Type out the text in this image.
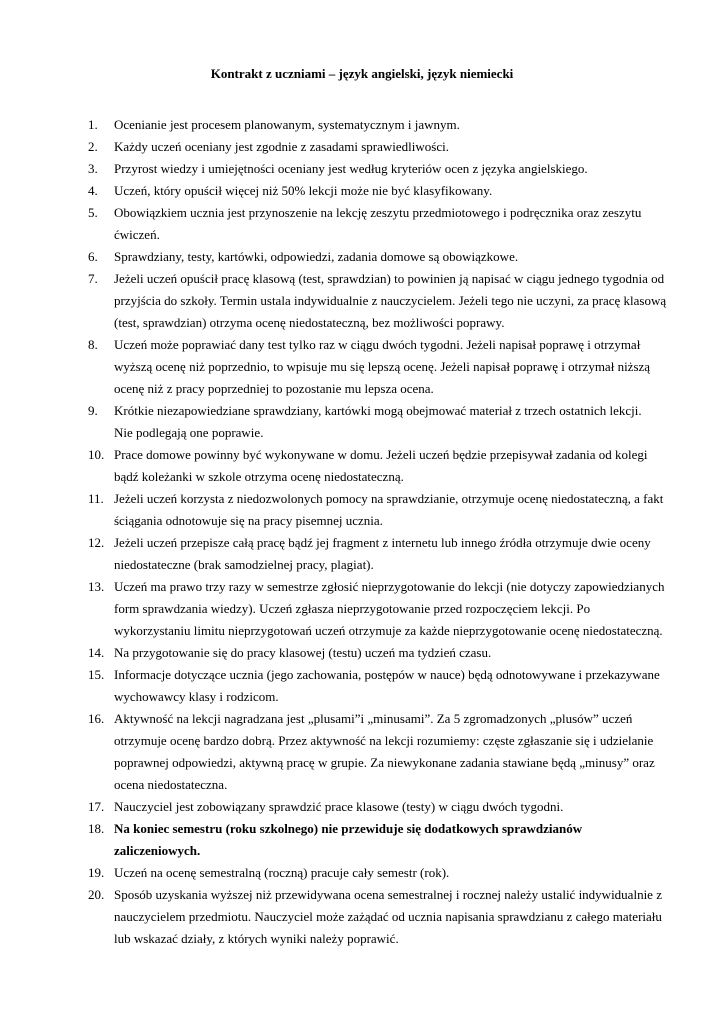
Kontrakt z uczniami – język angielski, język niemiecki
1.	Ocenianie jest procesem planowanym, systematycznym i jawnym.
2.	Każdy uczeń oceniany jest zgodnie z zasadami sprawiedliwości.
3.	Przyrost wiedzy i umiejętności oceniany jest według kryteriów ocen z języka angielskiego.
4.	Uczeń, który opuścił więcej niż 50% lekcji może nie być klasyfikowany.
5.	Obowiązkiem ucznia jest przynoszenie na lekcję zeszytu przedmiotowego i podręcznika oraz zeszytu
ćwiczeń.
6.	Sprawdziany, testy, kartówki, odpowiedzi, zadania domowe są obowiązkowe.
7.	Jeżeli uczeń opuścił pracę klasową (test, sprawdzian) to powinien ją napisać w ciągu jednego tygodnia od
przyjścia do szkoły. Termin ustala indywidualnie z nauczycielem. Jeżeli tego nie uczyni, za pracę klasową
(test, sprawdzian) otrzyma ocenę niedostateczną, bez możliwości poprawy.
8.	Uczeń może poprawiać dany test tylko raz w ciągu dwóch tygodni. Jeżeli napisał poprawę i otrzymał
wyższą ocenę niż poprzednio, to wpisuje mu się lepszą ocenę. Jeżeli napisał poprawę i otrzymał niższą
ocenę niż z pracy poprzedniej to pozostanie mu lepsza ocena.
9.	Krótkie niezapowiedziane sprawdziany, kartówki mogą obejmować materiał z trzech ostatnich lekcji.
Nie podlegają one poprawie.
10. Prace domowe powinny być wykonywane w domu. Jeżeli uczeń będzie przepisywał zadania od kolegi
bądź koleżanki w szkole otrzyma ocenę niedostateczną.
11. Jeżeli uczeń korzysta z niedozwolonych pomocy na sprawdzianie, otrzymuje ocenę niedostateczną, a fakt
ściągania odnotowuje się na pracy pisemnej ucznia.
12. Jeżeli uczeń przepisze całą pracę bądź jej fragment z internetu lub innego źródła otrzymuje dwie oceny
niedostateczne (brak samodzielnej pracy, plagiat).
13. Uczeń ma prawo trzy razy w semestrze zgłosić nieprzygotowanie do lekcji (nie dotyczy zapowiedzianych
form sprawdzania wiedzy). Uczeń zgłasza nieprzygotowanie przed rozpoczęciem lekcji. Po
wykorzystaniu limitu nieprzygotowań uczeń otrzymuje za każde nieprzygotowanie ocenę niedostateczną.
14. Na przygotowanie się do pracy klasowej (testu) uczeń ma tydzień czasu.
15. Informacje dotyczące ucznia (jego zachowania, postępów w nauce) będą odnotowywane i przekazywane
wychowawcy klasy i rodzicom.
16. Aktywność na lekcji nagradzana jest „plusami”i „minusami”. Za 5 zgromadzonych „plusów” uczeń
otrzymuje ocenę bardzo dobrą. Przez aktywność na lekcji rozumiemy: częste zgłaszanie się i udzielanie
poprawnej odpowiedzi, aktywną pracę w grupie. Za niewykonane zadania stawiane będą „minusy” oraz
ocena niedostateczna.
17. Nauczyciel jest zobowiązany sprawdzić prace klasowe (testy) w ciągu dwóch tygodni.
18. Na koniec semestru (roku szkolnego) nie przewiduje się dodatkowych sprawdzianów
zaliczeniowych.
19. Uczeń na ocenę semestralną (roczną) pracuje cały semestr (rok).
20. Sposób uzyskania wyższej niż przewidywana ocena semestralnej i rocznej należy ustalić indywidualnie z
nauczycielem przedmiotu. Nauczyciel może zażądać od ucznia napisania sprawdzianu z całego materiału
lub wskazać działy, z których wyniki należy poprawić.
